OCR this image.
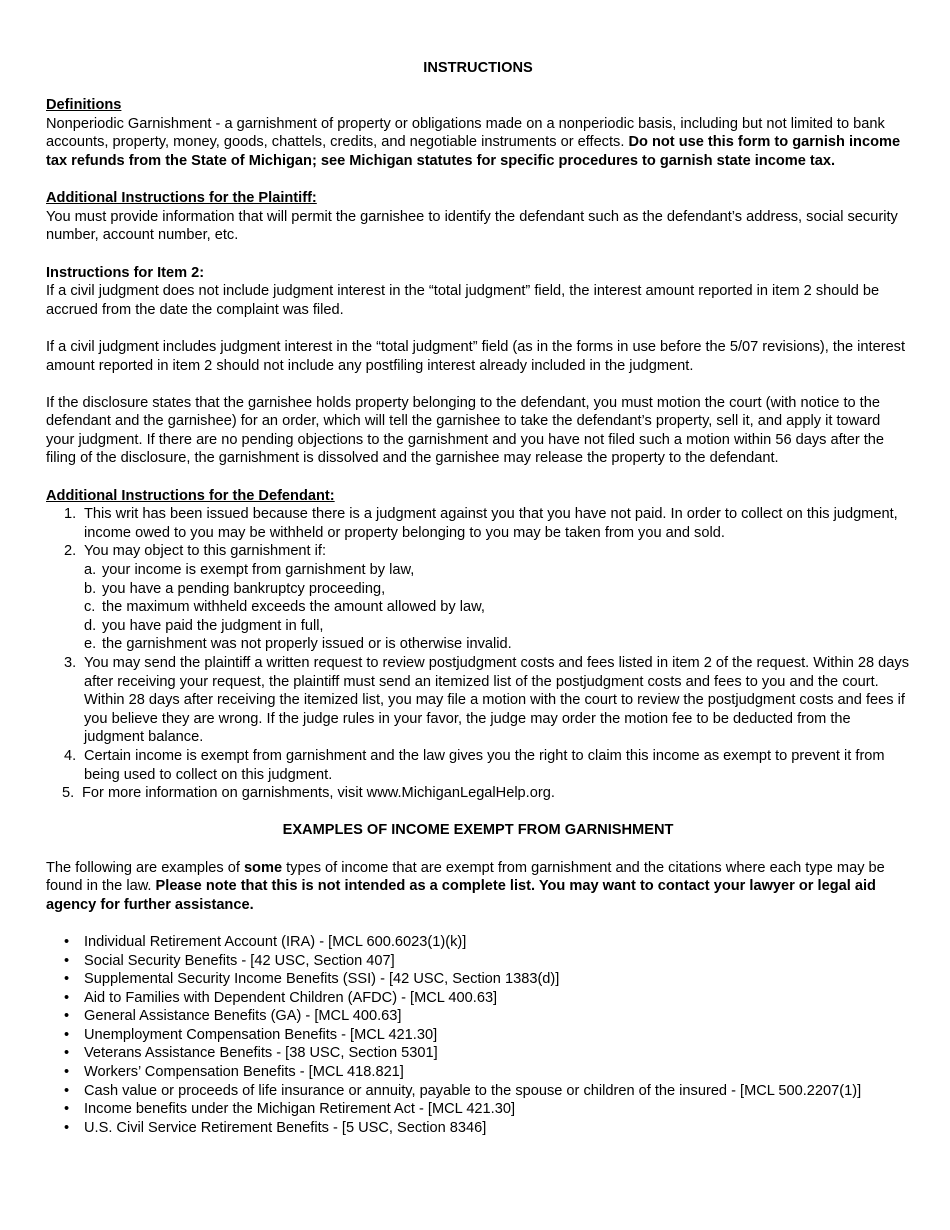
INSTRUCTIONS
Definitions
Nonperiodic Garnishment - a garnishment of property or obligations made on a nonperiodic basis, including but not limited to bank accounts, property, money, goods, chattels, credits, and negotiable instruments or effects. Do not use this form to garnish income tax refunds from the State of Michigan; see Michigan statutes for specific procedures to garnish state income tax.
Additional Instructions for the Plaintiff:
You must provide information that will permit the garnishee to identify the defendant such as the defendant’s address, social security number, account number, etc.
Instructions for Item 2:
If a civil judgment does not include judgment interest in the “total judgment” field, the interest amount reported in item 2 should be accrued from the date the complaint was filed.
If a civil judgment includes judgment interest in the “total judgment” field (as in the forms in use before the 5/07 revisions), the interest amount reported in item 2 should not include any postfiling interest already included in the judgment.
If the disclosure states that the garnishee holds property belonging to the defendant, you must motion the court (with notice to the defendant and the garnishee) for an order, which will tell the garnishee to take the defendant’s property, sell it, and apply it toward your judgment. If there are no pending objections to the garnishment and you have not filed such a motion within 56 days after the filing of the disclosure, the garnishment is dissolved and the garnishee may release the property to the defendant.
Additional Instructions for the Defendant:
1. This writ has been issued because there is a judgment against you that you have not paid. In order to collect on this judgment, income owed to you may be withheld or property belonging to you may be taken from you and sold.
2. You may object to this garnishment if:
a. your income is exempt from garnishment by law,
b. you have a pending bankruptcy proceeding,
c. the maximum withheld exceeds the amount allowed by law,
d. you have paid the judgment in full,
e. the garnishment was not properly issued or is otherwise invalid.
3. You may send the plaintiff a written request to review postjudgment costs and fees listed in item 2 of the request. Within 28 days after receiving your request, the plaintiff must send an itemized list of the postjudgment costs and fees to you and the court. Within 28 days after receiving the itemized list, you may file a motion with the court to review the postjudgment costs and fees if you believe they are wrong. If the judge rules in your favor, the judge may order the motion fee to be deducted from the judgment balance.
4. Certain income is exempt from garnishment and the law gives you the right to claim this income as exempt to prevent it from being used to collect on this judgment.
5. For more information on garnishments, visit www.MichiganLegalHelp.org.
EXAMPLES OF INCOME EXEMPT FROM GARNISHMENT
The following are examples of some types of income that are exempt from garnishment and the citations where each type may be found in the law. Please note that this is not intended as a complete list. You may want to contact your lawyer or legal aid agency for further assistance.
• Individual Retirement Account (IRA) - [MCL 600.6023(1)(k)]
• Social Security Benefits - [42 USC, Section 407]
• Supplemental Security Income Benefits (SSI) - [42 USC, Section 1383(d)]
• Aid to Families with Dependent Children (AFDC) - [MCL 400.63]
• General Assistance Benefits (GA) - [MCL 400.63]
• Unemployment Compensation Benefits - [MCL 421.30]
• Veterans Assistance Benefits - [38 USC, Section 5301]
• Workers’ Compensation Benefits - [MCL 418.821]
• Cash value or proceeds of life insurance or annuity, payable to the spouse or children of the insured - [MCL 500.2207(1)]
• Income benefits under the Michigan Retirement Act - [MCL 421.30]
• U.S. Civil Service Retirement Benefits - [5 USC, Section 8346]
